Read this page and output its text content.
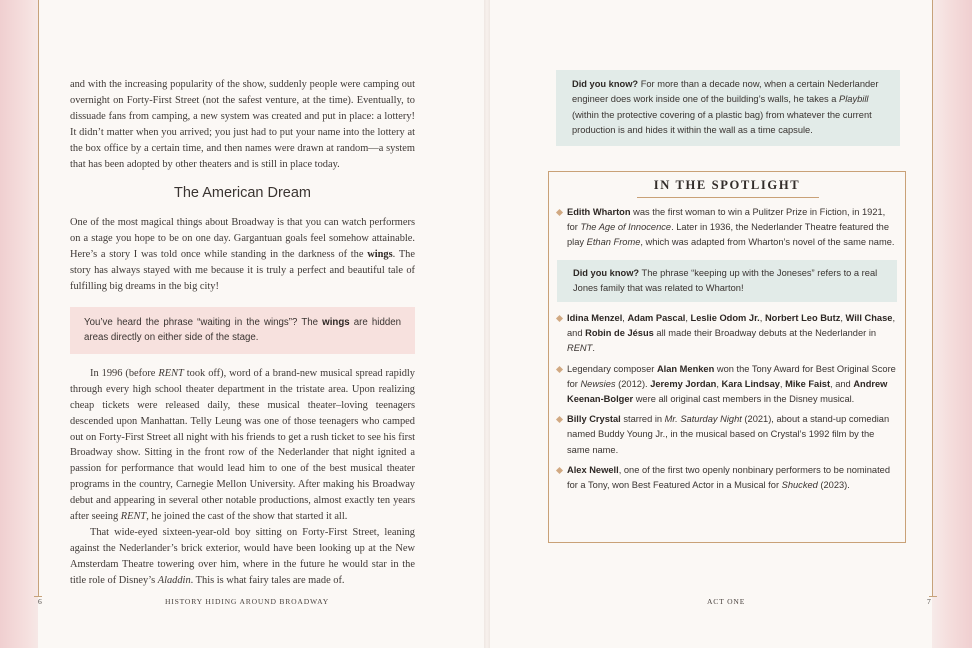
and with the increasing popularity of the show, suddenly people were camping out overnight on Forty-First Street (not the safest venture, at the time). Eventually, to dissuade fans from camping, a new system was created and put in place: a lottery! It didn’t matter when you arrived; you just had to put your name into the lottery at the box office by a certain time, and then names were drawn at random—a system that has been adopted by other theaters and is still in place today.

The American Dream

One of the most magical things about Broadway is that you can watch performers on a stage you hope to be on one day. Gargantuan goals feel somehow attainable. Here’s a story I was told once while standing in the darkness of the wings. The story has always stayed with me because it is truly a perfect and beautiful tale of fulfilling big dreams in the big city!

You’ve heard the phrase “waiting in the wings”? The wings are hidden areas directly on either side of the stage.

In 1996 (before RENT took off), word of a brand-new musical spread rapidly through every high school theater department in the tristate area. Upon realizing cheap tickets were released daily, these musical theater–loving teenagers descended upon Manhattan. Telly Leung was one of those teenagers who camped out on Forty-First Street all night with his friends to get a rush ticket to see his first Broadway show. Sitting in the front row of the Nederlander that night ignited a passion for performance that would lead him to one of the best musical theater programs in the country, Carnegie Mellon University. After making his Broadway debut and appearing in several other notable productions, almost exactly ten years after seeing RENT, he joined the cast of the show that started it all.

That wide-eyed sixteen-year-old boy sitting on Forty-First Street, leaning against the Nederlander’s brick exterior, would have been looking up at the New Amsterdam Theatre towering over him, where in the future he would star in the title role of Disney’s Aladdin. This is what fairy tales are made of.

6	HISTORY HIDING AROUND BROADWAY
Did you know? For more than a decade now, when a certain Nederlander engineer does work inside one of the building’s walls, he takes a Playbill (within the protective covering of a plastic bag) from whatever the current production is and hides it within the wall as a time capsule.
IN THE SPOTLIGHT
Edith Wharton was the first woman to win a Pulitzer Prize in Fiction, in 1921, for The Age of Innocence. Later in 1936, the Nederlander Theatre featured the play Ethan Frome, which was adapted from Wharton’s novel of the same name.
Did you know? The phrase “keeping up with the Joneses” refers to a real Jones family that was related to Wharton!
Idina Menzel, Adam Pascal, Leslie Odom Jr., Norbert Leo Butz, Will Chase, and Robin de Jésus all made their Broadway debuts at the Nederlander in RENT.
Legendary composer Alan Menken won the Tony Award for Best Original Score for Newsies (2012). Jeremy Jordan, Kara Lindsay, Mike Faist, and Andrew Keenan-Bolger were all original cast members in the Disney musical.
Billy Crystal starred in Mr. Saturday Night (2021), about a stand-up comedian named Buddy Young Jr., in the musical based on Crystal’s 1992 film by the same name.
Alex Newell, one of the first two openly nonbinary performers to be nominated for a Tony, won Best Featured Actor in a Musical for Shucked (2023).
ACT ONE	7
